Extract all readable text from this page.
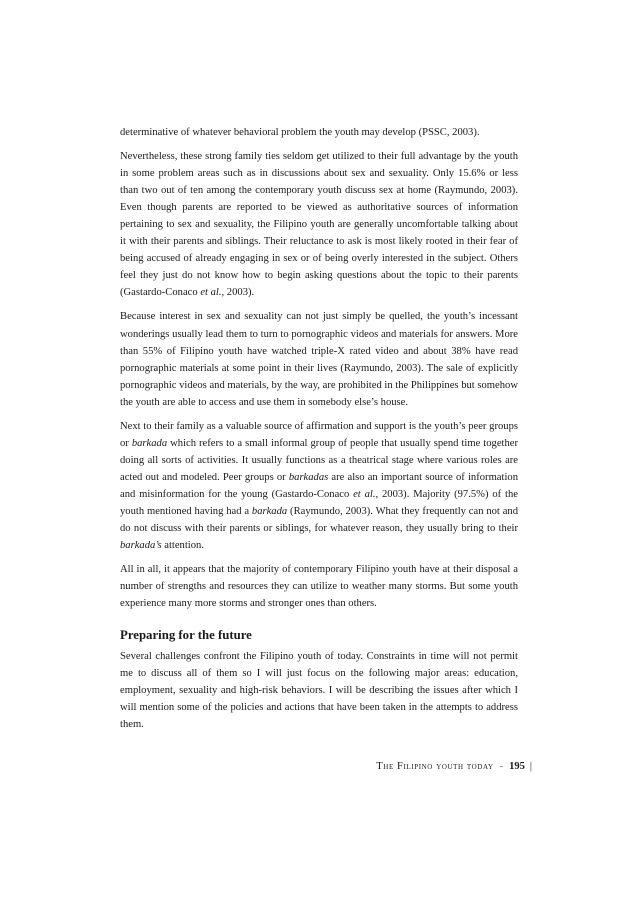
determinative of whatever behavioral problem the youth may develop (PSSC, 2003).

Nevertheless, these strong family ties seldom get utilized to their full advantage by the youth in some problem areas such as in discussions about sex and sexuality. Only 15.6% or less than two out of ten among the contemporary youth discuss sex at home (Raymundo, 2003). Even though parents are reported to be viewed as authoritative sources of information pertaining to sex and sexuality, the Filipino youth are generally uncomfortable talking about it with their parents and siblings. Their reluctance to ask is most likely rooted in their fear of being accused of already engaging in sex or of being overly interested in the subject. Others feel they just do not know how to begin asking questions about the topic to their parents (Gastardo-Conaco et al., 2003).

Because interest in sex and sexuality can not just simply be quelled, the youth’s incessant wonderings usually lead them to turn to pornographic videos and materials for answers. More than 55% of Filipino youth have watched triple-X rated video and about 38% have read pornographic materials at some point in their lives (Raymundo, 2003). The sale of explicitly pornographic videos and materials, by the way, are prohibited in the Philippines but somehow the youth are able to access and use them in somebody else’s house.

Next to their family as a valuable source of affirmation and support is the youth’s peer groups or barkada which refers to a small informal group of people that usually spend time together doing all sorts of activities. It usually functions as a theatrical stage where various roles are acted out and modeled. Peer groups or barkadas are also an important source of information and misinformation for the young (Gastardo-Conaco et al., 2003). Majority (97.5%) of the youth mentioned having had a barkada (Raymundo, 2003). What they frequently can not and do not discuss with their parents or siblings, for whatever reason, they usually bring to their barkada’s attention.

All in all, it appears that the majority of contemporary Filipino youth have at their disposal a number of strengths and resources they can utilize to weather many storms. But some youth experience many more storms and stronger ones than others.

Preparing for the future

Several challenges confront the Filipino youth of today. Constraints in time will not permit me to discuss all of them so I will just focus on the following major areas: education, employment, sexuality and high-risk behaviors. I will be describing the issues after which I will mention some of the policies and actions that have been taken in the attempts to address them.

The Filipino youth today - 195 |
